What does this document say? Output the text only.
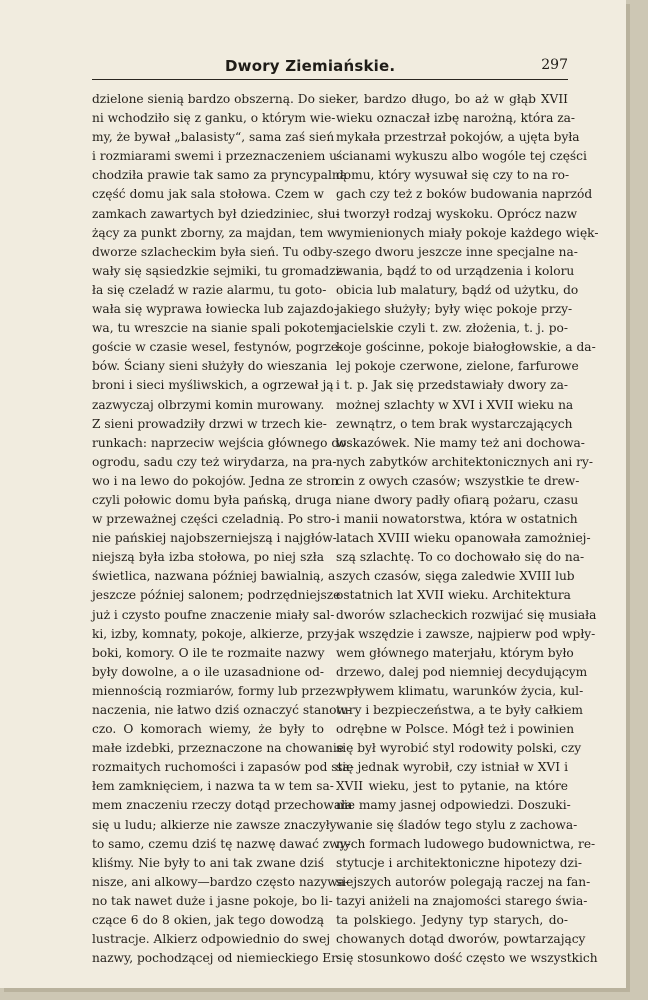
Dwory Ziemiańskie.	297
dzielone sienią bardzo obszerną. Do sie-
ni wchodziło się z ganku, o którym wie-
my, że bywał „balasisty“, sama zaś sień
i rozmiarami swemi i przeznaczeniem u-
chodziła prawie tak samo za pryncypalną
część domu jak sala stołowa. Czem w
zamkach zawartych był dziedziniec, słu-
żący za punkt zborny, za majdan, tem w
dworze szlacheckim była sień. Tu odby-
wały się sąsiedzkie sejmiki, tu gromadzi-
ła się czeladź w razie alarmu, tu goto-
wała się wyprawa łowiecka lub zajazdo-
wa, tu wreszcie na sianie spali pokotem
goście w czasie wesel, festynów, pogrze-
bów. Ściany sieni służyły do wieszania
broni i sieci myśliwskich, a ogrzewał ją
zazwyczaj olbrzymi komin murowany.
Z sieni prowadziły drzwi w trzech kie-
runkach: naprzeciw wejścia głównego do
ogrodu, sadu czy też wirydarza, na pra-
wo i na lewo do pokojów. Jedna ze stron
czyli połowic domu była pańską, druga
w przeważnej części czeladnią. Po stro-
nie pańskiej najobszerniejszą i najgłów-
niejszą była izba stołowa, po niej szła
świetlica, nazwana później bawialnią, a
jeszcze później salonem; podrzędniejsze
już i czysto poufne znaczenie miały sal-
ki, izby, komnaty, pokoje, alkierze, przy-
boki, komory. O ile te rozmaite nazwy
były dowolne, a o ile uzasadnione od-
miennością rozmiarów, formy lub przez-
naczenia, nie łatwo dziś oznaczyć stanow-
czo. O komorach wiemy, że były to
małe izdebki, przeznaczone na chowanie
rozmaitych ruchomości i zapasów pod sta-
łem zamknięciem, i nazwa ta w tem sa-
mem znaczeniu rzeczy dotąd przechowała
się u ludu; alkierze nie zawsze znaczyły
to samo, czemu dziś tę nazwę dawać zwy-
kliśmy. Nie były to ani tak zwane dziś
nisze, ani alkowy—bardzo często nazywa-
no tak nawet duże i jasne pokoje, bo li-
czące 6 do 8 okien, jak tego dowodzą
lustracje. Alkierz odpowiednio do swej
nazwy, pochodzącej od niemieckiego Er-
ker, bardzo długo, bo aż w głąb XVII
wieku oznaczał izbę narożną, która za-
mykała przestrzał pokojów, a ujęta była
ścianami wykuszu albo wogóle tej części
domu, który wysuwał się czy to na ro-
gach czy też z boków budowania naprzód
i tworzył rodzaj wyskoku. Oprócz nazw
wymienionych miały pokoje każdego więk-
szego dworu jeszcze inne specjalne na-
zwania, bądź to od urządzenia i koloru
obicia lub malatury, bądź od użytku, do
jakiego służyły; były więc pokoje przy-
jacielskie czyli t. zw. złożenia, t. j. po-
koje gościnne, pokoje białogłowskie, a da-
lej pokoje czerwone, zielone, farfurowe
i t. p. Jak się przedstawiały dwory za-
możnej szlachty w XVI i XVII wieku na
zewnątrz, o tem brak wystarczających
wskazówek. Nie mamy też ani dochowa-
nych zabytków architektonicznych ani ry-
cin z owych czasów; wszystkie te drew-
niane dwory padły ofiarą pożaru, czasu
i manii nowatorstwa, która w ostatnich
latach XVIII wieku opanowała zamożniej-
szą szlachtę. To co dochowało się do na-
szych czasów, sięga zaledwie XVIII lub
ostatnich lat XVII wieku. Architektura
dworów szlacheckich rozwijać się musiała
jak wszędzie i zawsze, najpierw pod wpły-
wem głównego materjału, którym było
drzewo, dalej pod niemniej decydującym
wpływem klimatu, warunków życia, kul-
tury i bezpieczeństwa, a te były całkiem
odrębne w Polsce. Mógł też i powinien
się był wyrobić styl rodowity polski, czy
się jednak wyrobił, czy istniał w XVI i
XVII wieku, jest to pytanie, na które
nie mamy jasnej odpowiedzi. Doszuki-
wanie się śladów tego stylu z zachowa-
nych formach ludowego budownictwa, re-
stytucje i architektoniczne hipotezy dzi-
siejszych autorów polegają raczej na fan-
tazyi aniżeli na znajomości starego świa-
ta polskiego. Jedyny typ starych, do-
chowanych dotąd dworów, powtarzający
się stosunkowo dość często we wszystkich
